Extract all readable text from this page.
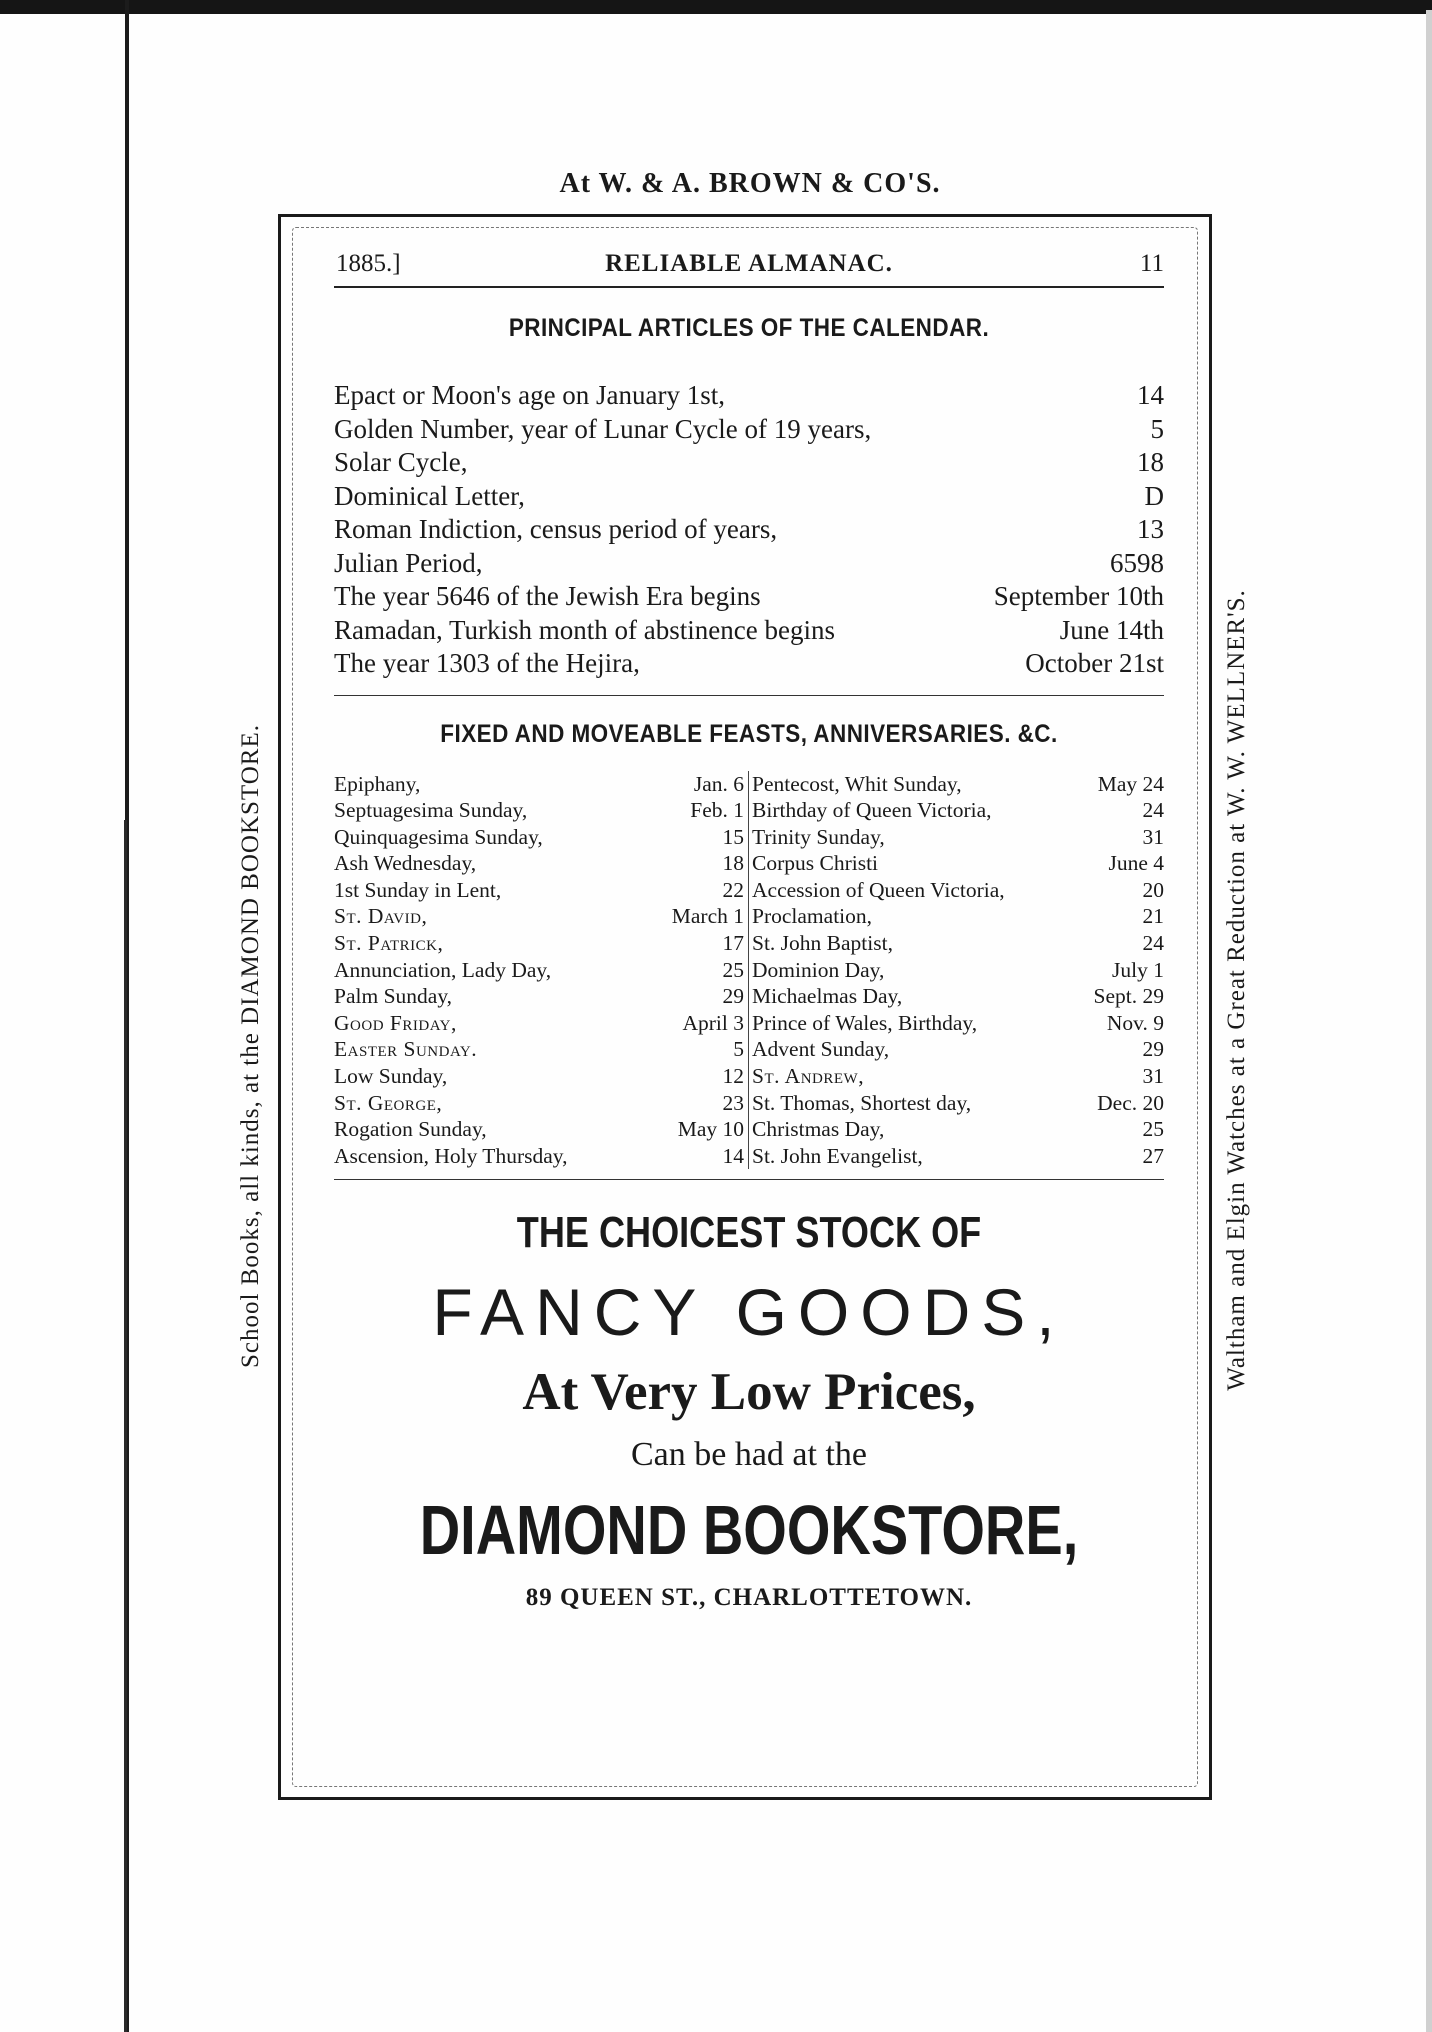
At W. & A. BROWN & CO'S.
School Books, all kinds, at the DIAMOND BOOKSTORE.	Waltham and Elgin Watches at a Great Reduction at W. W. WELLNER'S.
1885.]	RELIABLE ALMANAC.	11
PRINCIPAL ARTICLES OF THE CALENDAR.
Epact or Moon's age on January 1st,	14
Golden Number, year of Lunar Cycle of 19 years,	5
Solar Cycle,	18
Dominical Letter,	D
Roman Indiction, census period of years,	13
Julian Period,	6598
The year 5646 of the Jewish Era begins	September 10th
Ramadan, Turkish month of abstinence begins	June 14th
The year 1303 of the Hejira,	October 21st
FIXED AND MOVEABLE FEASTS, ANNIVERSARIES. &C.
Epiphany,	Jan. 6
Septuagesima Sunday,	Feb. 1
Quinquagesima Sunday,	15
Ash Wednesday,	18
1st Sunday in Lent,	22
St. David,	March 1
St. Patrick,	17
Annunciation, Lady Day,	25
Palm Sunday,	29
Good Friday,	April 3
Easter Sunday.	5
Low Sunday,	12
St. George,	23
Rogation Sunday,	May 10
Ascension, Holy Thursday,	14
Pentecost, Whit Sunday,	May 24
Birthday of Queen Victoria,	24
Trinity Sunday,	31
Corpus Christi	June 4
Accession of Queen Victoria,	20
Proclamation,	21
St. John Baptist,	24
Dominion Day,	July 1
Michaelmas Day,	Sept. 29
Prince of Wales, Birthday,	Nov. 9
Advent Sunday,	29
St. Andrew,	31
St. Thomas, Shortest day,	Dec. 20
Christmas Day,	25
St. John Evangelist,	27
THE CHOICEST STOCK OF
FANCY GOODS,
At Very Low Prices,
Can be had at the
DIAMOND BOOKSTORE,
89 QUEEN ST., CHARLOTTETOWN.
